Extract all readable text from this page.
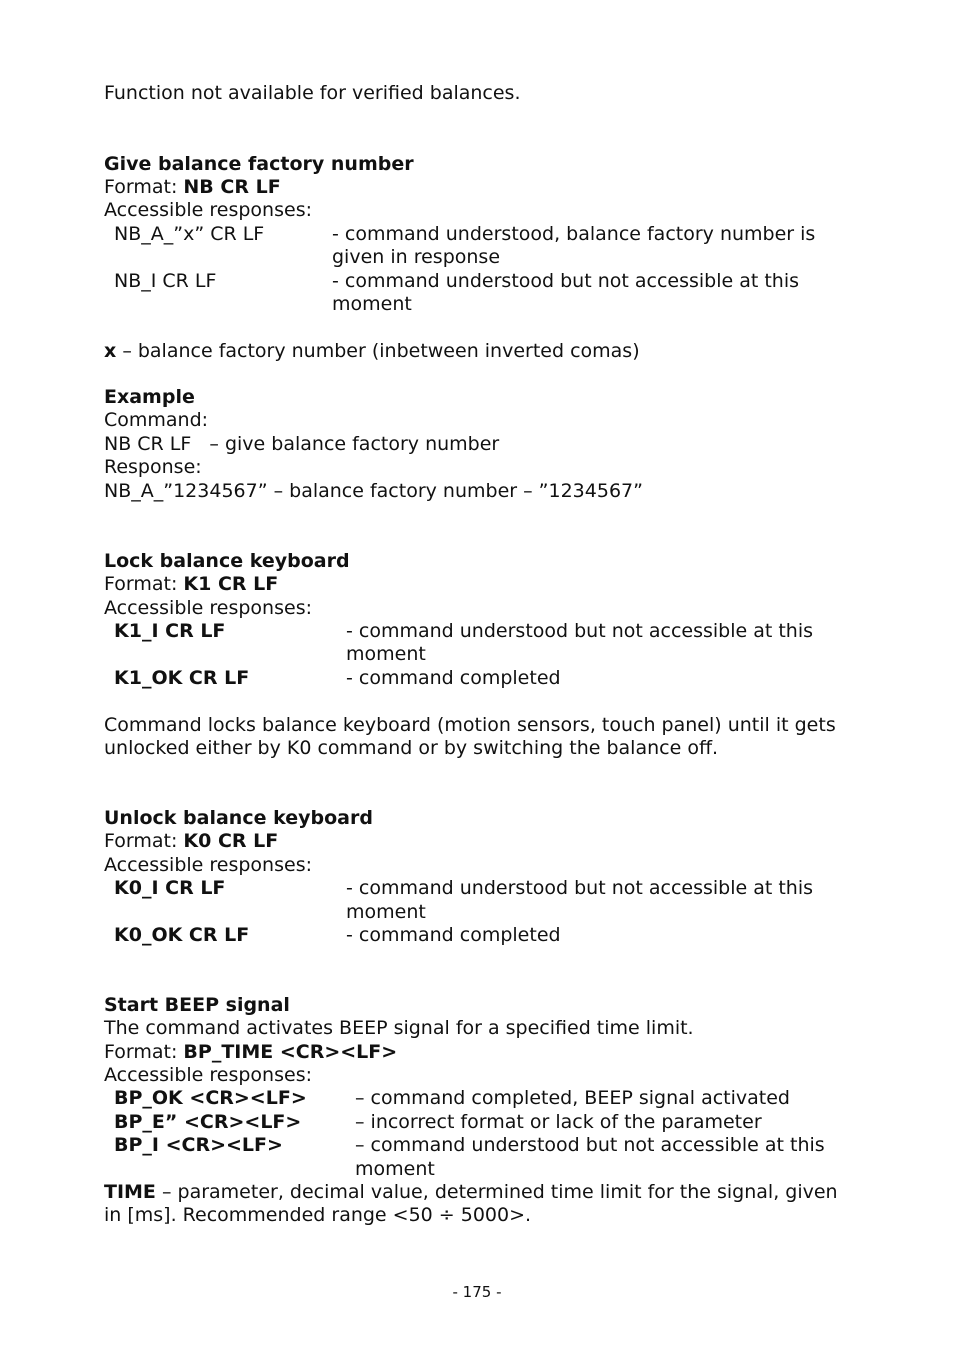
Function not available for verified balances.
Give balance factory number
Format: NB CR LF
Accessible responses:
NB_A_”x” CR LF	- command understood, balance factory number is
given in response
NB_I CR LF	- command understood but not accessible at this
moment
x – balance factory number (inbetween inverted comas)
Example
Command:
NB CR LF   – give balance factory number
Response:
NB_A_”1234567” – balance factory number – ”1234567”
Lock balance keyboard
Format: K1 CR LF
Accessible responses:
K1_I CR LF	- command understood but not accessible at this
moment
K1_OK CR LF	- command completed
Command locks balance keyboard (motion sensors, touch panel) until it gets
unlocked either by K0 command or by switching the balance off.
Unlock balance keyboard
Format: K0 CR LF
Accessible responses:
K0_I CR LF	- command understood but not accessible at this
moment
K0_OK CR LF	- command completed
Start BEEP signal
The command activates BEEP signal for a specified time limit.
Format: BP_TIME <CR><LF>
Accessible responses:
BP_OK <CR><LF>	– command completed, BEEP signal activated
BP_E” <CR><LF>	– incorrect format or lack of the parameter
BP_I <CR><LF>	– command understood but not accessible at this
moment
TIME – parameter, decimal value, determined time limit for the signal, given
in [ms]. Recommended range <50 ÷ 5000>.
- 175 -
